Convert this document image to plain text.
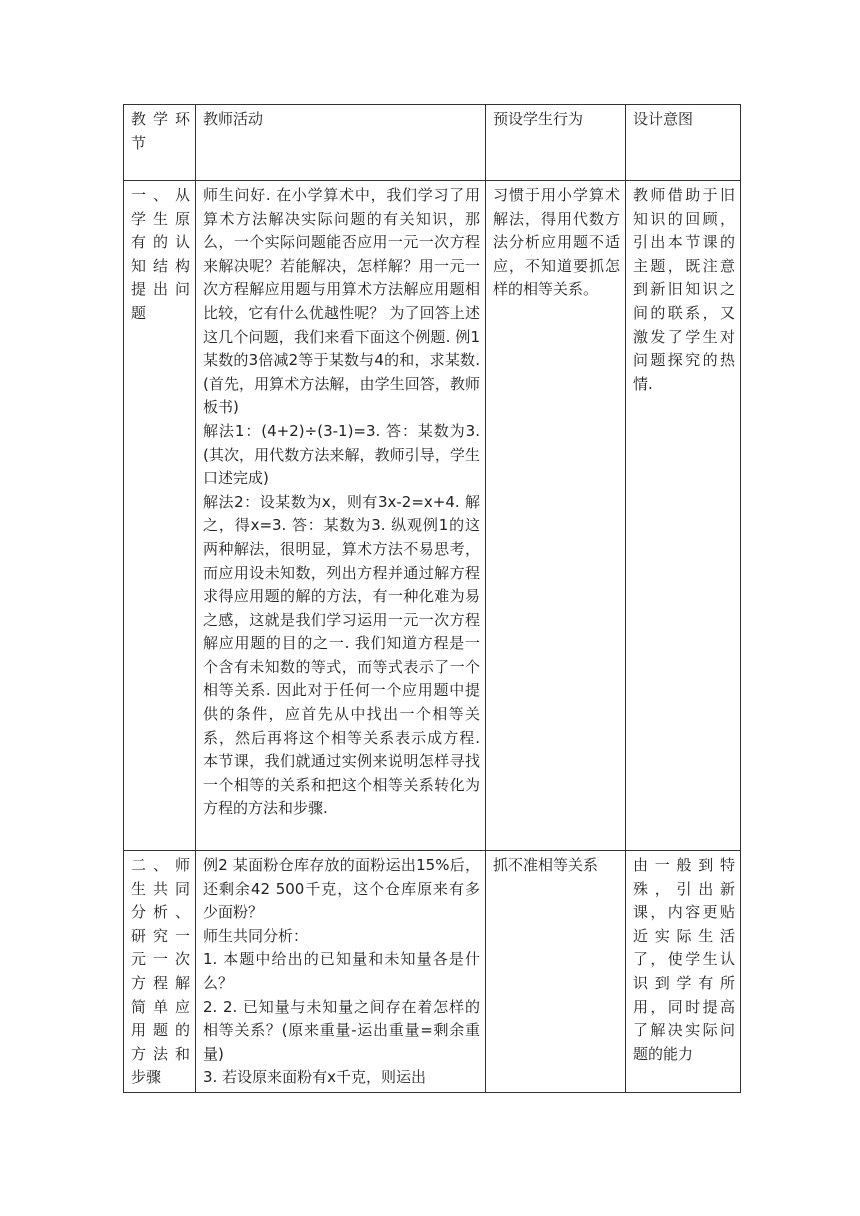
教学环节	教师活动	预设学生行为	设计意图
一、从学生原有的认知结构提出问题	师生问好. 在小学算术中，我们学习了用算术方法解决实际问题的有关知识，那么，一个实际问题能否应用一元一次方程来解决呢？若能解决，怎样解？用一元一次方程解应用题与用算术方法解应用题相比较，它有什么优越性呢？ 为了回答上述这几个问题，我们来看下面这个例题. 例1 某数的3倍减2等于某数与4的和，求某数. (首先，用算术方法解，由学生回答，教师板书)
解法1：(4+2)÷(3-1)=3. 答：某数为3. (其次，用代数方法来解，教师引导，学生口述完成)
解法2：设某数为x，则有3x-2=x+4. 解之，得x=3. 答：某数为3. 纵观例1的这两种解法，很明显，算术方法不易思考，而应用设未知数，列出方程并通过解方程求得应用题的解的方法，有一种化难为易之感，这就是我们学习运用一元一次方程解应用题的目的之一. 我们知道方程是一个含有未知数的等式，而等式表示了一个相等关系. 因此对于任何一个应用题中提供的条件，应首先从中找出一个相等关系，然后再将这个相等关系表示成方程. 本节课，我们就通过实例来说明怎样寻找一个相等的关系和把这个相等关系转化为方程的方法和步骤.	习惯于用小学算术解法，得用代数方法分析应用题不适应，不知道要抓怎样的相等关系。	教师借助于旧知识的回顾，引出本节课的主题，既注意到新旧知识之间的联系，又激发了学生对问题探究的热情.
二、师生共同分析、研究一元一次方程解简单应用题的方法和步骤	例2 某面粉仓库存放的面粉运出15%后，还剩余42 500千克，这个仓库原来有多少面粉？
师生共同分析：
1. 本题中给出的已知量和未知量各是什么？
2. 2. 已知量与未知量之间存在着怎样的相等关系？(原来重量-运出重量=剩余重量)
3. 若设原来面粉有x千克，则运出	抓不准相等关系	由一般到特殊，引出新课，内容更贴近实际生活了，使学生认识到学有所用，同时提高了解决实际问题的能力
